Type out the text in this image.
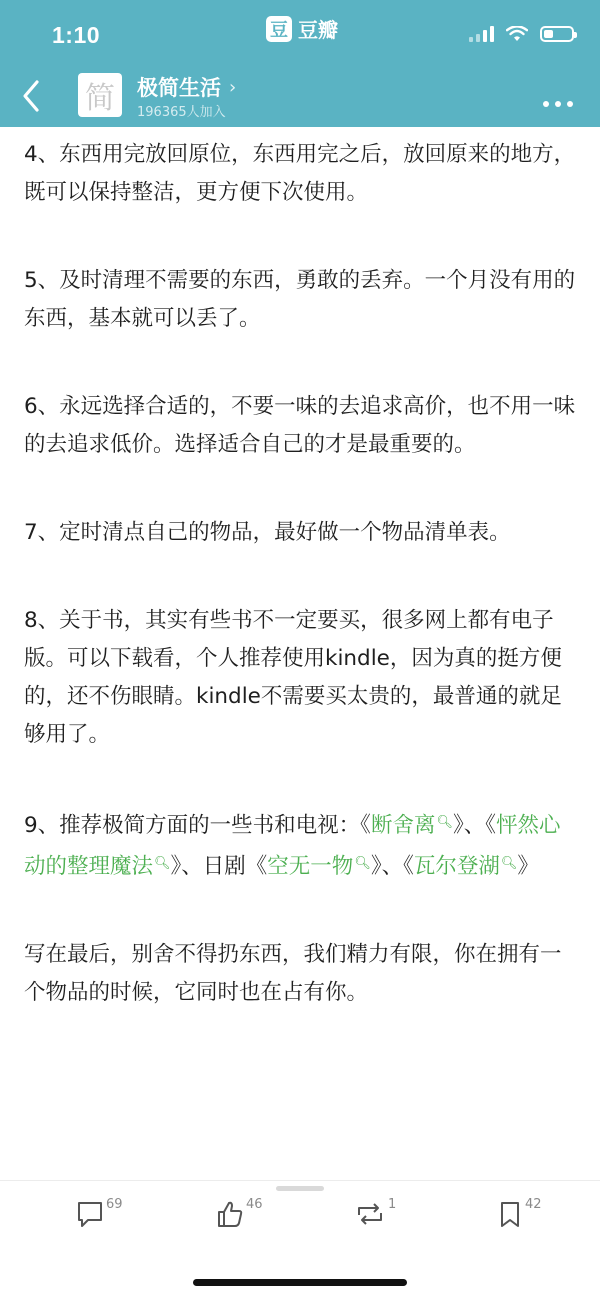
1:10	豆 豆瓣
简	极简生活 ›
196365人加入

4、东西用完放回原位，东西用完之后，放回原来的地方，既可以保持整洁，更方便下次使用。

5、及时清理不需要的东西，勇敢的丢弃。一个月没有用的东西，基本就可以丢了。

6、永远选择合适的，不要一味的去追求高价，也不用一味的去追求低价。选择适合自己的才是最重要的。

7、定时清点自己的物品，最好做一个物品清单表。

8、关于书，其实有些书不一定要买，很多网上都有电子版。可以下载看，个人推荐使用kindle，因为真的挺方便的，还不伤眼睛。kindle不需要买太贵的，最普通的就足够用了。

9、推荐极简方面的一些书和电视：《断舍离🔍︎》、《怦然心动的整理魔法🔍︎》、日剧《空无一物🔍︎》、《瓦尔登湖🔍︎》

写在最后，别舍不得扔东西，我们精力有限，你在拥有一个物品的时候，它同时也在占有你。

69	46	1	42
